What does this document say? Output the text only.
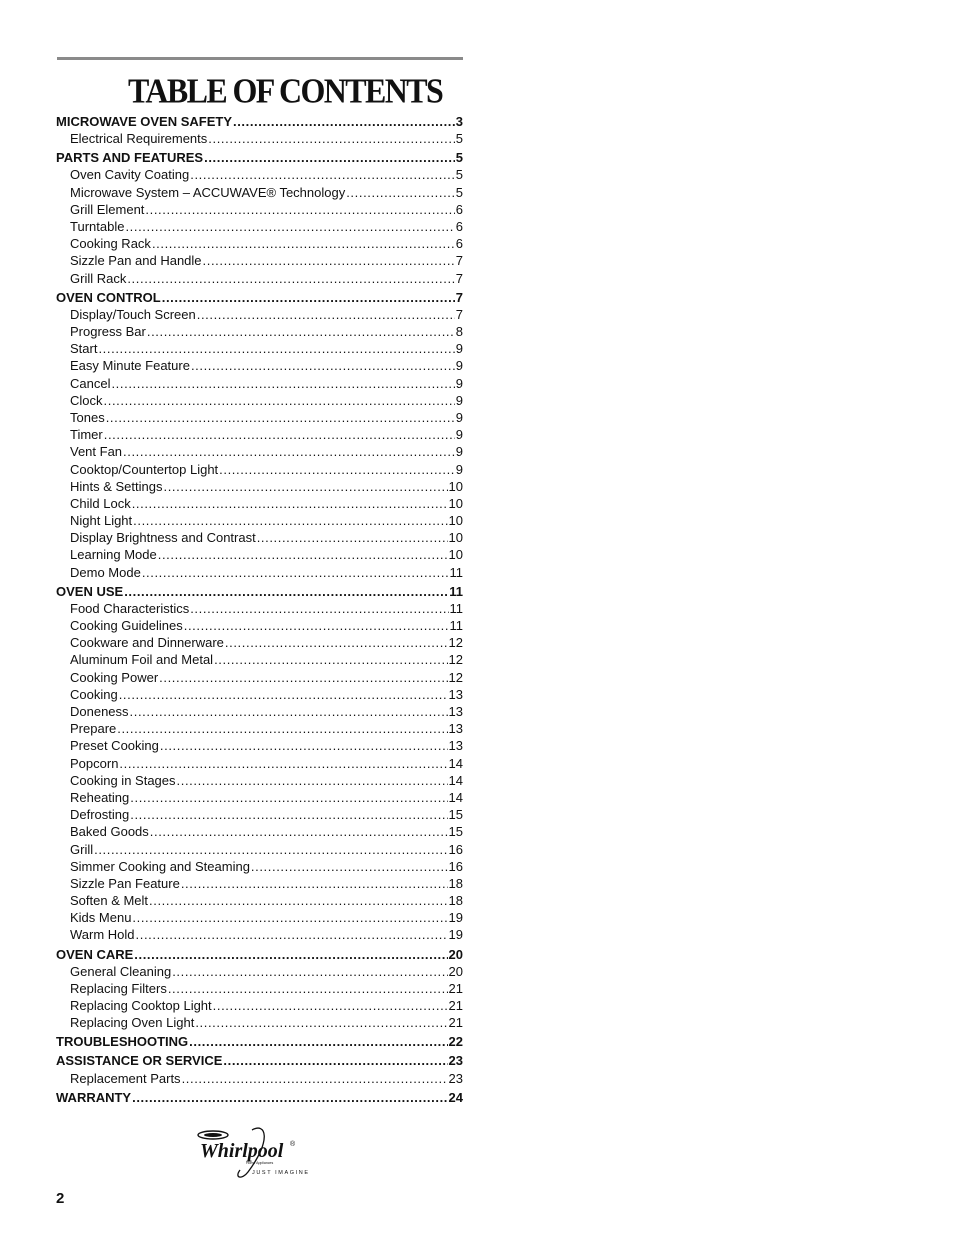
TABLE OF CONTENTS
MICROWAVE OVEN SAFETY .....	3
Electrical Requirements .....	5
PARTS AND FEATURES .....	5
Oven Cavity Coating .....	5
Microwave System – ACCUWAVE® Technology .....	5
Grill Element .....	6
Turntable .....	6
Cooking Rack .....	6
Sizzle Pan and Handle .....	7
Grill Rack .....	7
OVEN CONTROL .....	7
Display/Touch Screen .....	7
Progress Bar .....	8
Start .....	9
Easy Minute Feature .....	9
Cancel .....	9
Clock .....	9
Tones .....	9
Timer .....	9
Vent Fan .....	9
Cooktop/Countertop Light .....	9
Hints & Settings .....	10
Child Lock .....	10
Night Light .....	10
Display Brightness and Contrast .....	10
Learning Mode .....	10
Demo Mode .....	11
OVEN USE .....	11
Food Characteristics .....	11
Cooking Guidelines .....	11
Cookware and Dinnerware .....	12
Aluminum Foil and Metal .....	12
Cooking Power .....	12
Cooking .....	13
Doneness .....	13
Prepare .....	13
Preset Cooking .....	13
Popcorn .....	14
Cooking in Stages .....	14
Reheating .....	14
Defrosting .....	15
Baked Goods .....	15
Grill .....	16
Simmer Cooking and Steaming .....	16
Sizzle Pan Feature .....	18
Soften & Melt .....	18
Kids Menu .....	19
Warm Hold .....	19
OVEN CARE .....	20
General Cleaning .....	20
Replacing Filters .....	21
Replacing Cooktop Light .....	21
Replacing Oven Light .....	21
TROUBLESHOOTING .....	22
ASSISTANCE OR SERVICE .....	23
Replacement Parts .....	23
WARRANTY .....	24
Whirlpool ®
Home Appliances
JUST IMAGINE
2
